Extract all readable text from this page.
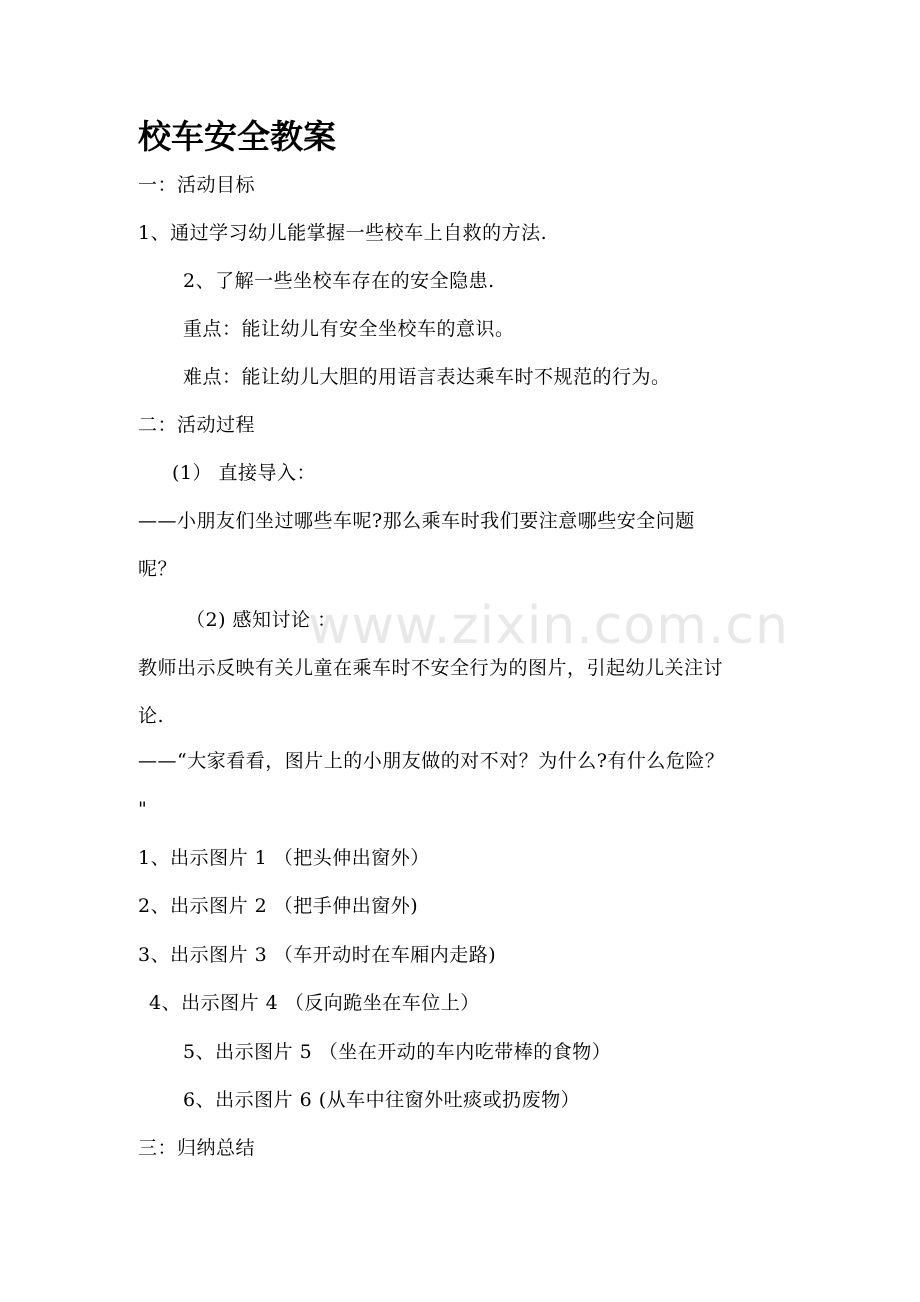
校车安全教案
www.zixin.com.cn
一：活动目标
1、通过学习幼儿能掌握一些校车上自救的方法.
2、了解一些坐校车存在的安全隐患.
重点：能让幼儿有安全坐校车的意识。
难点：能让幼儿大胆的用语言表达乘车时不规范的行为。
二：活动过程
(1） 直接导入：
——小朋友们坐过哪些车呢?那么乘车时我们要注意哪些安全问题
呢？
（2) 感知讨论 ：
教师出示反映有关儿童在乘车时不安全行为的图片，引起幼儿关注讨
论.
——“大家看看，图片上的小朋友做的对不对？为什么?有什么危险？
"
1、出示图片 1 （把头伸出窗外）
2、出示图片 2 （把手伸出窗外)
3、出示图片 3 （车开动时在车厢内走路)
4、出示图片 4 （反向跪坐在车位上）
5、出示图片 5 （坐在开动的车内吃带棒的食物）
6、出示图片 6 (从车中往窗外吐痰或扔废物）
三：归纳总结
